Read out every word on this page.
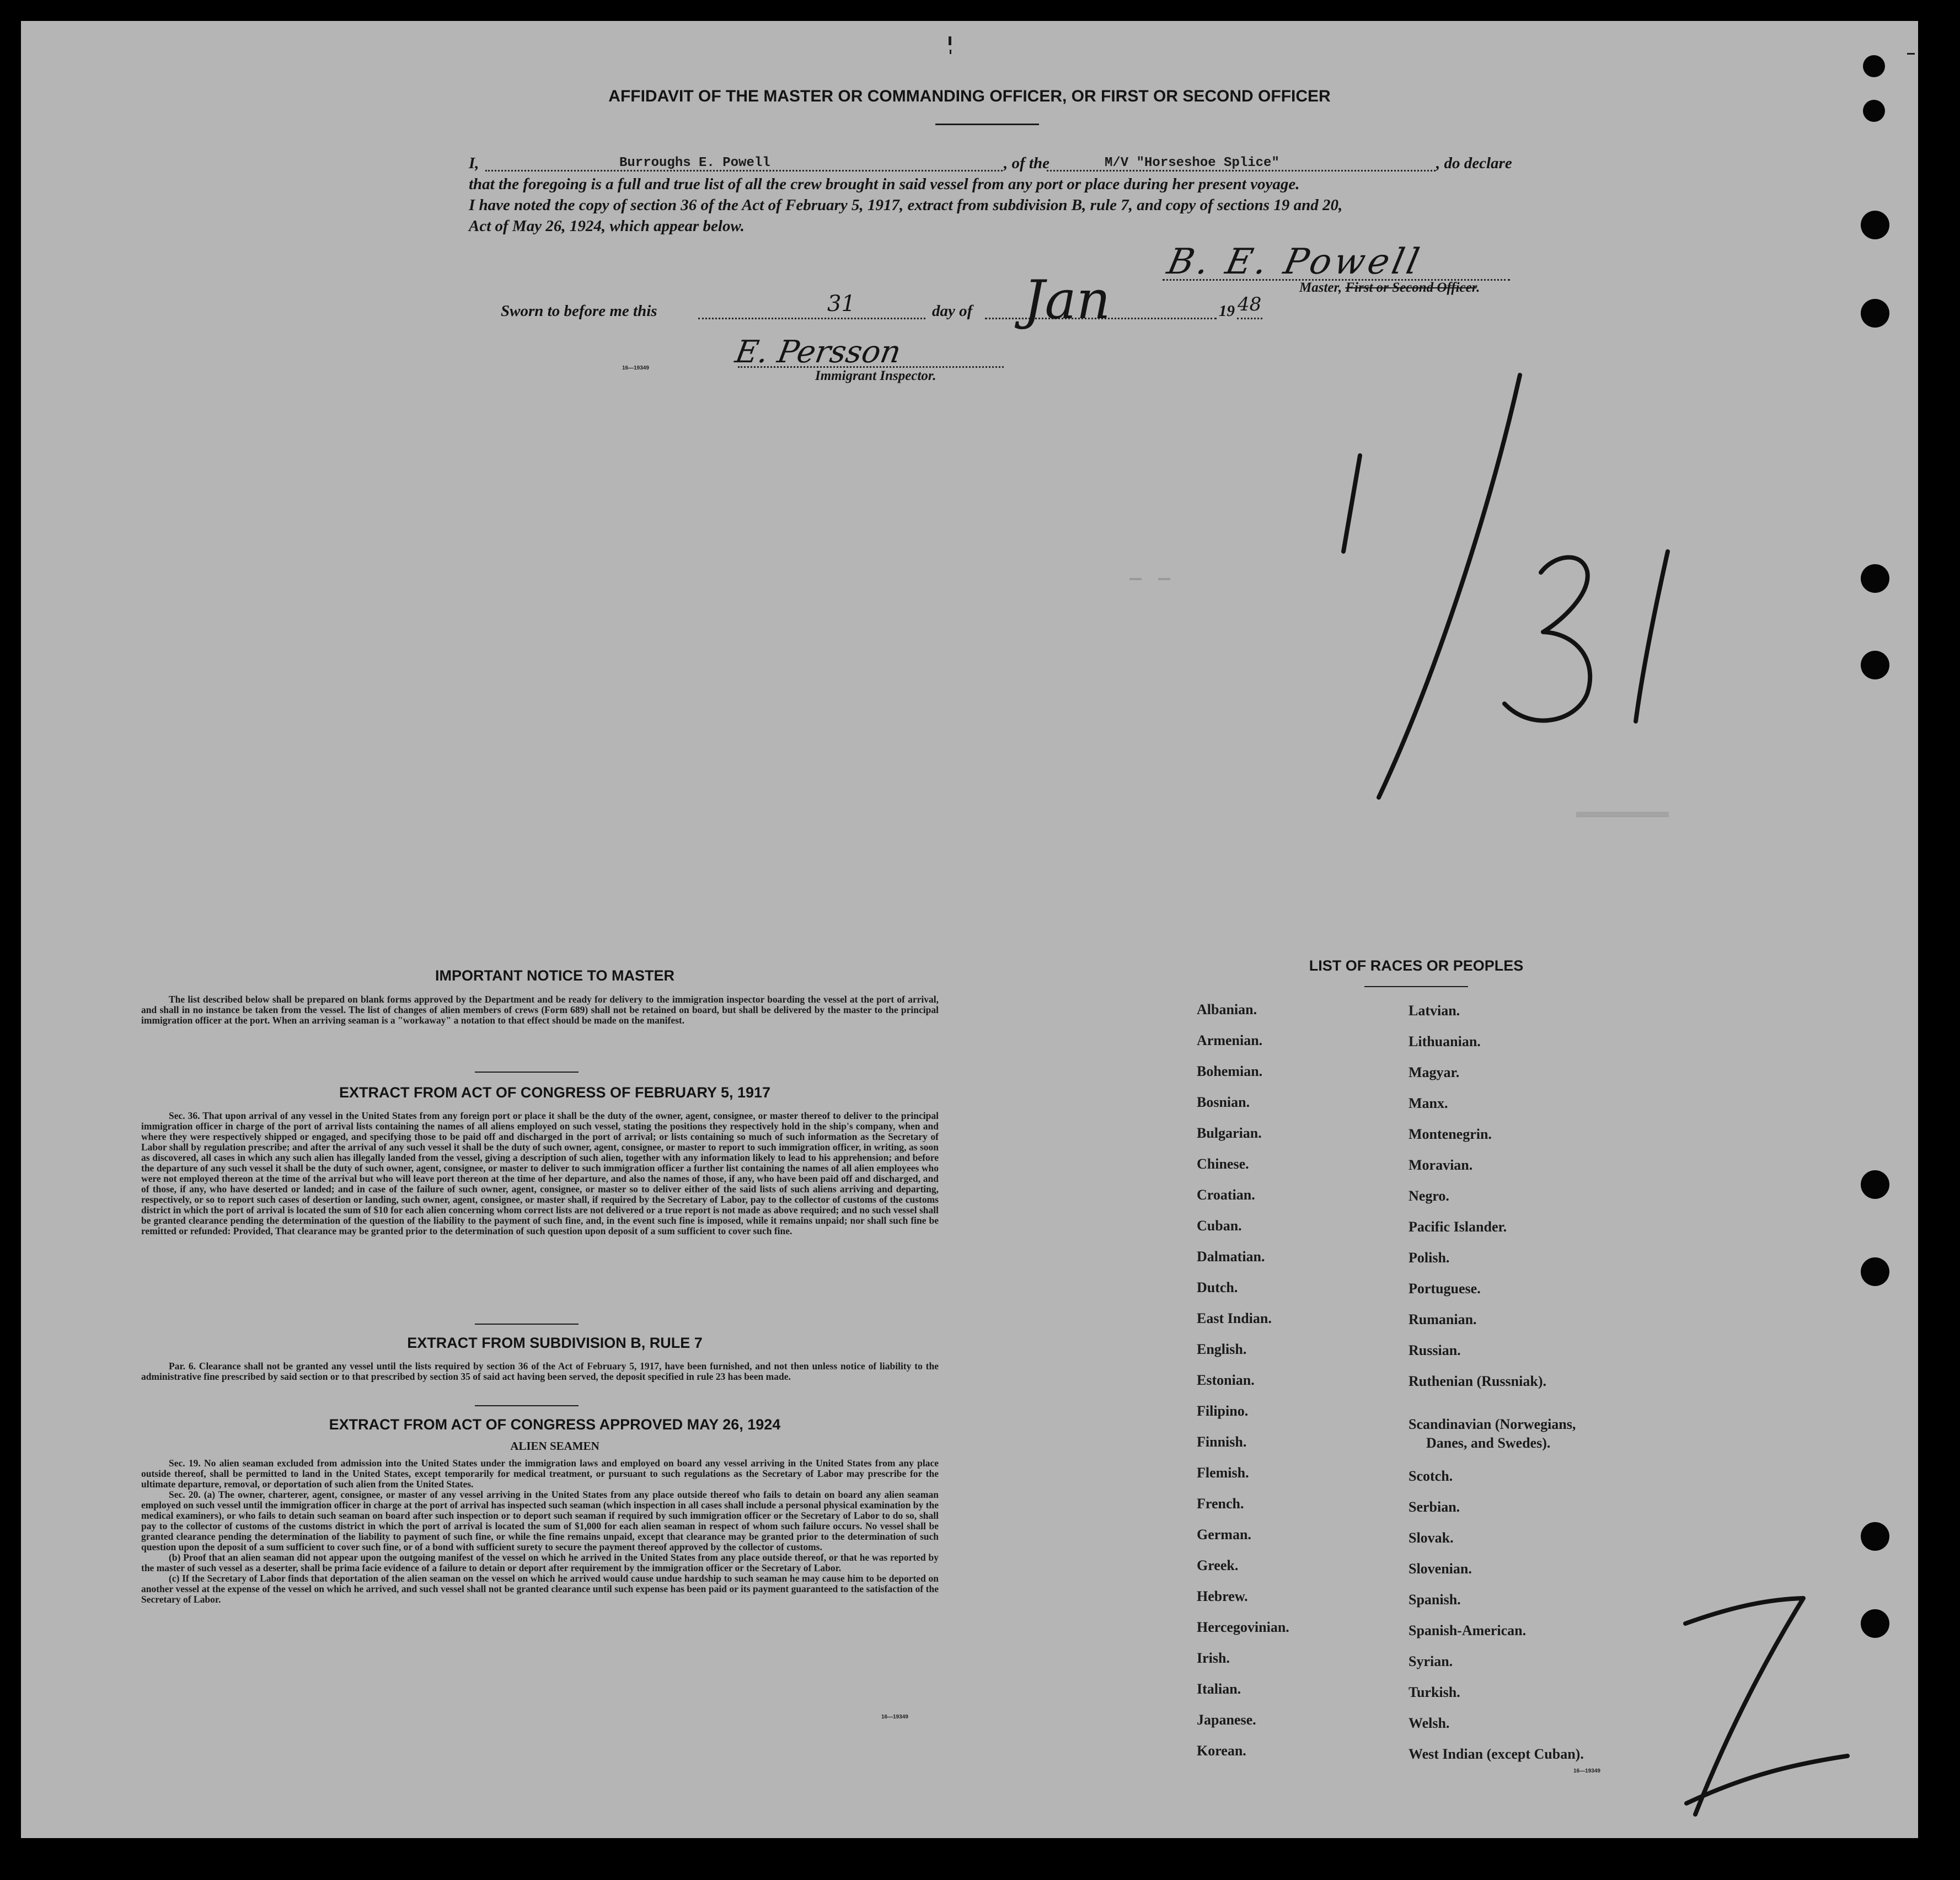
AFFIDAVIT OF THE MASTER OR COMMANDING OFFICER, OR FIRST OR SECOND OFFICER
I,	Burroughs E. Powell	, of the	M/V "Horseshoe Splice"	, do declare
that the foregoing is a full and true list of all the crew brought in said vessel from any port or place during her present voyage.
I have noted the copy of section 36 of the Act of February 5, 1917, extract from subdivision B, rule 7, and copy of sections 19 and 20,
Act of May 26, 1924, which appear below.
B. E. Powell
Master, First or Second Officer.
Sworn to before me this	31	day of Jan	19 48
16—19349	E. Persson
Immigrant Inspector.
IMPORTANT NOTICE TO MASTER

The list described below shall be prepared on blank forms approved by the Department and be ready for delivery to the immigration inspector boarding the vessel at the port of arrival, and shall in no instance be taken from the vessel. The list of changes of alien members of crews (Form 689) shall not be retained on board, but shall be delivered by the master to the principal immigration officer at the port. When an arriving seaman is a "workaway" a notation to that effect should be made on the manifest.

EXTRACT FROM ACT OF CONGRESS OF FEBRUARY 5, 1917

Sec. 36. That upon arrival of any vessel in the United States from any foreign port or place it shall be the duty of the owner, agent, consignee, or master thereof to deliver to the principal immigration officer in charge of the port of arrival lists containing the names of all aliens employed on such vessel, stating the positions they respectively hold in the ship's company, when and where they were respectively shipped or engaged, and specifying those to be paid off and discharged in the port of arrival; or lists containing so much of such information as the Secretary of Labor shall by regulation prescribe; and after the arrival of any such vessel it shall be the duty of such owner, agent, consignee, or master to report to such immigration officer, in writing, as soon as discovered, all cases in which any such alien has illegally landed from the vessel, giving a description of such alien, together with any information likely to lead to his apprehension; and before the departure of any such vessel it shall be the duty of such owner, agent, consignee, or master to deliver to such immigration officer a further list containing the names of all alien employees who were not employed thereon at the time of the arrival but who will leave port thereon at the time of her departure, and also the names of those, if any, who have been paid off and discharged, and of those, if any, who have deserted or landed; and in case of the failure of such owner, agent, consignee, or master so to deliver either of the said lists of such aliens arriving and departing, respectively, or so to report such cases of desertion or landing, such owner, agent, consignee, or master shall, if required by the Secretary of Labor, pay to the collector of customs of the customs district in which the port of arrival is located the sum of $10 for each alien concerning whom correct lists are not delivered or a true report is not made as above required; and no such vessel shall be granted clearance pending the determination of the question of the liability to the payment of such fine, and, in the event such fine is imposed, while it remains unpaid; nor shall such fine be remitted or refunded: Provided, That clearance may be granted prior to the determination of such question upon deposit of a sum sufficient to cover such fine.

EXTRACT FROM SUBDIVISION B, RULE 7

Par. 6. Clearance shall not be granted any vessel until the lists required by section 36 of the Act of February 5, 1917, have been furnished, and not then unless notice of liability to the administrative fine prescribed by said section or to that prescribed by section 35 of said act having been served, the deposit specified in rule 23 has been made.

EXTRACT FROM ACT OF CONGRESS APPROVED MAY 26, 1924
ALIEN SEAMEN

Sec. 19. No alien seaman excluded from admission into the United States under the immigration laws and employed on board any vessel arriving in the United States from any place outside thereof, shall be permitted to land in the United States, except temporarily for medical treatment, or pursuant to such regulations as the Secretary of Labor may prescribe for the ultimate departure, removal, or deportation of such alien from the United States.

Sec. 20. (a) The owner, charterer, agent, consignee, or master of any vessel arriving in the United States from any place outside thereof who fails to detain on board any alien seaman employed on such vessel until the immigration officer in charge at the port of arrival has inspected such seaman (which inspection in all cases shall include a personal physical examination by the medical examiners), or who fails to detain such seaman on board after such inspection or to deport such seaman if required by such immigration officer or the Secretary of Labor to do so, shall pay to the collector of customs of the customs district in which the port of arrival is located the sum of $1,000 for each alien seaman in respect of whom such failure occurs. No vessel shall be granted clearance pending the determination of the liability to payment of such fine, or while the fine remains unpaid, except that clearance may be granted prior to the determination of such question upon the deposit of a sum sufficient to cover such fine, or of a bond with sufficient surety to secure the payment thereof approved by the collector of customs.

(b) Proof that an alien seaman did not appear upon the outgoing manifest of the vessel on which he arrived in the United States from any place outside thereof, or that he was reported by the master of such vessel as a deserter, shall be prima facie evidence of a failure to detain or deport after requirement by the immigration officer or the Secretary of Labor.

(c) If the Secretary of Labor finds that deportation of the alien seaman on the vessel on which he arrived would cause undue hardship to such seaman he may cause him to be deported on another vessel at the expense of the vessel on which he arrived, and such vessel shall not be granted clearance until such expense has been paid or its payment guaranteed to the satisfaction of the Secretary of Labor.

16—19349
LIST OF RACES OR PEOPLES
Albanian.
Armenian.
Bohemian.
Bosnian.
Bulgarian.
Chinese.
Croatian.
Cuban.
Dalmatian.
Dutch.
East Indian.
English.
Estonian.
Filipino.
Finnish.
Flemish.
French.
German.
Greek.
Hebrew.
Hercegovinian.
Irish.
Italian.
Japanese.
Korean.
Latvian.
Lithuanian.
Magyar.
Manx.
Montenegrin.
Moravian.
Negro.
Pacific Islander.
Polish.
Portuguese.
Rumanian.
Russian.
Ruthenian (Russniak).
Scandinavian (Norwegians,
Danes, and Swedes).
Scotch.
Serbian.
Slovak.
Slovenian.
Spanish.
Spanish-American.
Syrian.
Turkish.
Welsh.
West Indian (except Cuban).
16—19349
